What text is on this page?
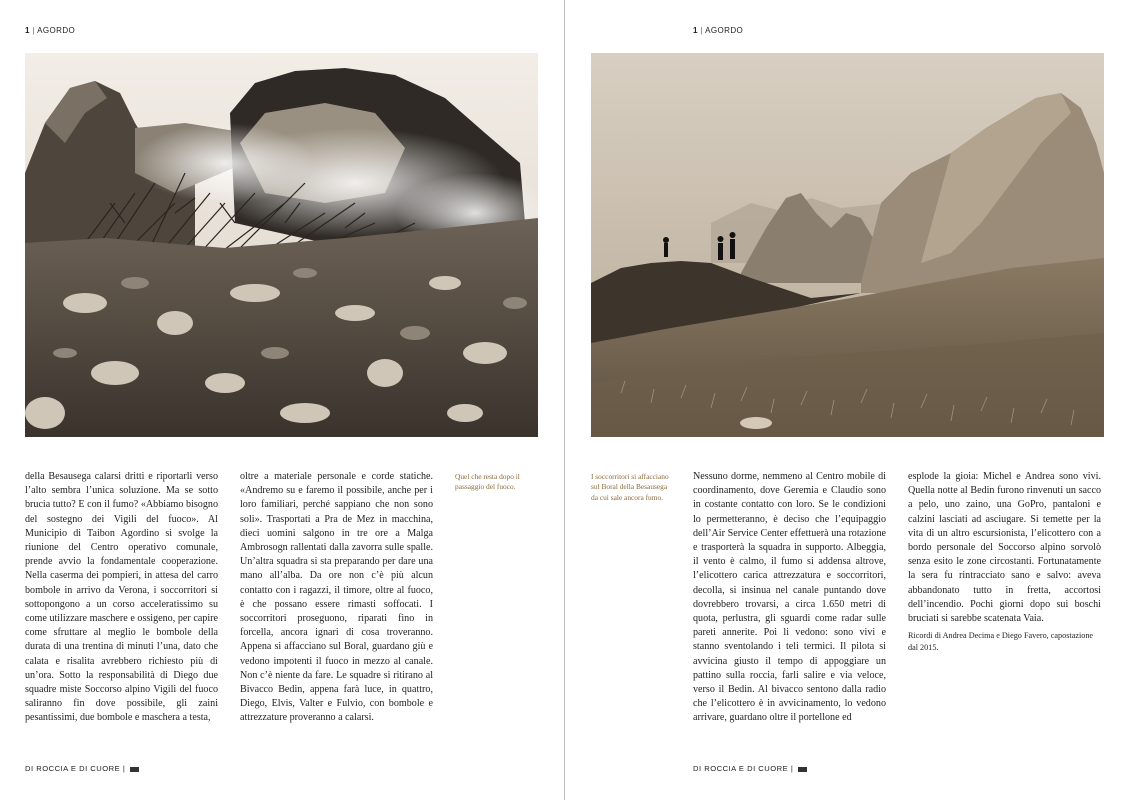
1 | AGORDO
della Besausega calarsi dritti e riportarli verso l’alto sembra l’unica soluzione. Ma se sotto brucia tutto? E con il fumo? «Abbiamo bisogno del sostegno dei Vigili del fuoco». Al Municipio di Taibon Agordino si svolge la riunione del Centro operativo comunale, prende avvio la fondamentale cooperazione. Nella caserma dei pompieri, in attesa del carro bombole in arrivo da Verona, i soccorritori si sottopongono a un corso acceleratissimo su come utilizzare maschere e ossigeno, per capire come sfruttare al meglio le bombole della durata di una trentina di minuti l’una, dato che calata e risalita avrebbero richiesto più di un’ora. Sotto la responsabilità di Diego due squadre miste Soccorso alpino Vigili del fuoco saliranno fin dove possibile, gli zaini pesantissimi, due bombole e maschera a testa,
oltre a materiale personale e corde statiche. «Andremo su e faremo il possibile, anche per i loro familiari, perché sappiano che non sono soli». Trasportati a Pra de Mez in macchina, dieci uomini salgono in tre ore a Malga Ambrosogn rallentati dalla zavorra sulle spalle. Un’altra squadra si sta preparando per dare una mano all’alba. Da ore non c’è più alcun contatto con i ragazzi, il timore, oltre al fuoco, è che possano essere rimasti soffocati. I soccorritori proseguono, riparati fino in forcella, ancora ignari di cosa troveranno. Appena si affacciano sul Boral, guardano giù e vedono impotenti il fuoco in mezzo al canale. Non c’è niente da fare. Le squadre si ritirano al Bivacco Bedin, appena farà luce, in quattro, Diego, Elvis, Valter e Fulvio, con bombole e attrezzature proveranno a calarsi.
Quel che resta dopo il passaggio del fuoco.
DI ROCCIA E DI CUORE |
1 | AGORDO
I soccorritori si affacciano sul Boral della Besausega da cui sale ancora fumo.
Nessuno dorme, nemmeno al Centro mobile di coordinamento, dove Geremia e Claudio sono in costante contatto con loro. Se le condizioni lo permetteranno, è deciso che l’equipaggio dell’Air Service Center effettuerà una rotazione e trasporterà la squadra in supporto. Albeggia, il vento è calmo, il fumo si addensa altrove, l’elicottero carica attrezzatura e soccorritori, decolla, si insinua nel canale puntando dove dovrebbero trovarsi, a circa 1.650 metri di quota, perlustra, gli sguardi come radar sulle pareti annerite. Poi li vedono: sono vivi e stanno sventolando i teli termici. Il pilota si avvicina giusto il tempo di appoggiare un pattino sulla roccia, farli salire e via veloce, verso il Bedin. Al bivacco sentono dalla radio che l’elicottero è in avvicinamento, lo vedono arrivare, guardano oltre il portellone ed
esplode la gioia: Michel e Andrea sono vivi. Quella notte al Bedin furono rinvenuti un sacco a pelo, uno zaino, una GoPro, pantaloni e calzini lasciati ad asciugare. Si temette per la vita di un altro escursionista, l’elicottero con a bordo personale del Soccorso alpino sorvolò senza esito le zone circostanti. Fortunatamente la sera fu rintracciato sano e salvo: aveva abbandonato tutto in fretta, accortosi dell’incendio. Pochi giorni dopo sui boschi bruciati si sarebbe scatenata Vaia.
Ricordi di Andrea Decima e Diego Favero, capostazione dal 2015.
DI ROCCIA E DI CUORE |
